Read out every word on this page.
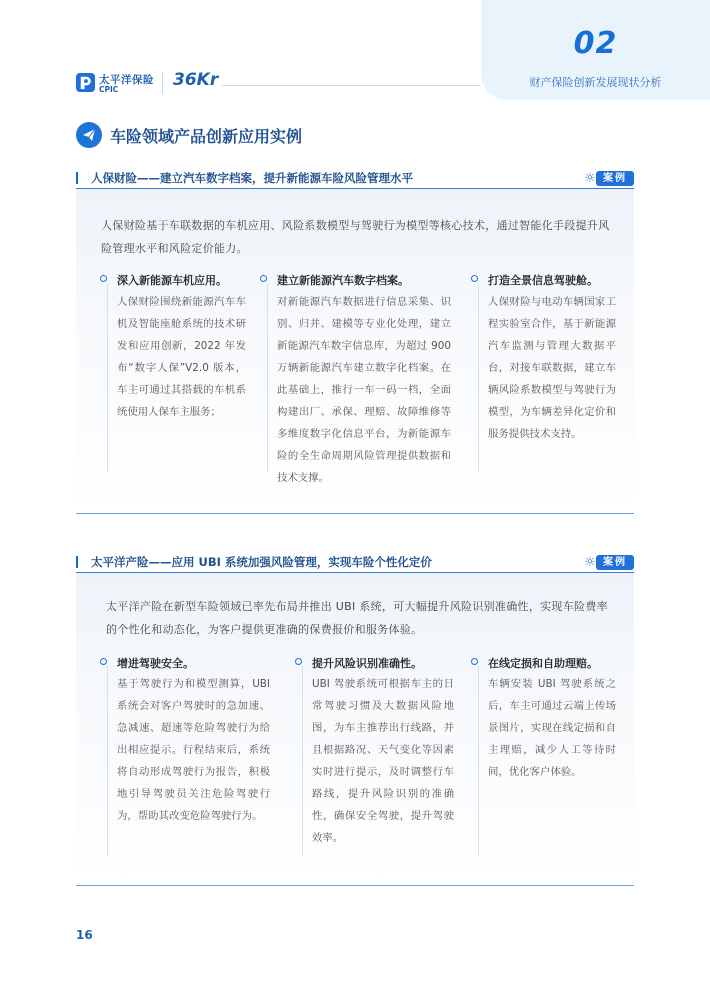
02
财产保险创新发展现状分析
太平洋保险
CPIC	36Kr
车险领域产品创新应用实例
人保财险——建立汽车数字档案，提升新能源车险风险管理水平	☼ 案例
人保财险基于车联数据的车机应用、风险系数模型与驾驶行为模型等核心技术，通过智能化手段提升风险管理水平和风险定价能力。
深入新能源车机应用。
人保财险围绕新能源汽车车机及智能座舱系统的技术研发和应用创新，2022 年发布“数字人保”V2.0 版本，车主可通过其搭载的车机系统使用人保车主服务；
建立新能源汽车数字档案。
对新能源汽车数据进行信息采集、识别、归并、建模等专业化处理，建立新能源汽车数字信息库，为超过 900 万辆新能源汽车建立数字化档案。在此基础上，推行一车一码一档，全面构建出厂、承保、理赔、故障维修等多维度数字化信息平台，为新能源车险的全生命周期风险管理提供数据和技术支撑。
打造全景信息驾驶舱。
人保财险与电动车辆国家工程实验室合作，基于新能源汽车监测与管理大数据平台，对接车联数据，建立车辆风险系数模型与驾驶行为模型，为车辆差异化定价和服务提供技术支持。
太平洋产险——应用 UBI 系统加强风险管理，实现车险个性化定价	☼ 案例
太平洋产险在新型车险领域已率先布局并推出 UBI 系统，可大幅提升风险识别准确性，实现车险费率的个性化和动态化，为客户提供更准确的保费报价和服务体验。
增进驾驶安全。
基于驾驶行为和模型测算，UBI 系统会对客户驾驶时的急加速、急减速、超速等危险驾驶行为给出相应提示。行程结束后，系统将自动形成驾驶行为报告，积极地引导驾驶员关注危险驾驶行为，帮助其改变危险驾驶行为。
提升风险识别准确性。
UBI 驾驶系统可根据车主的日常驾驶习惯及大数据风险地图，为车主推荐出行线路，并且根据路况、天气变化等因素实时进行提示，及时调整行车路线，提升风险识别的准确性，确保安全驾驶，提升驾驶效率。
在线定损和自助理赔。
车辆安装 UBI 驾驶系统之后，车主可通过云端上传场景图片，实现在线定损和自主理赔，减少人工等待时间，优化客户体验。
16
